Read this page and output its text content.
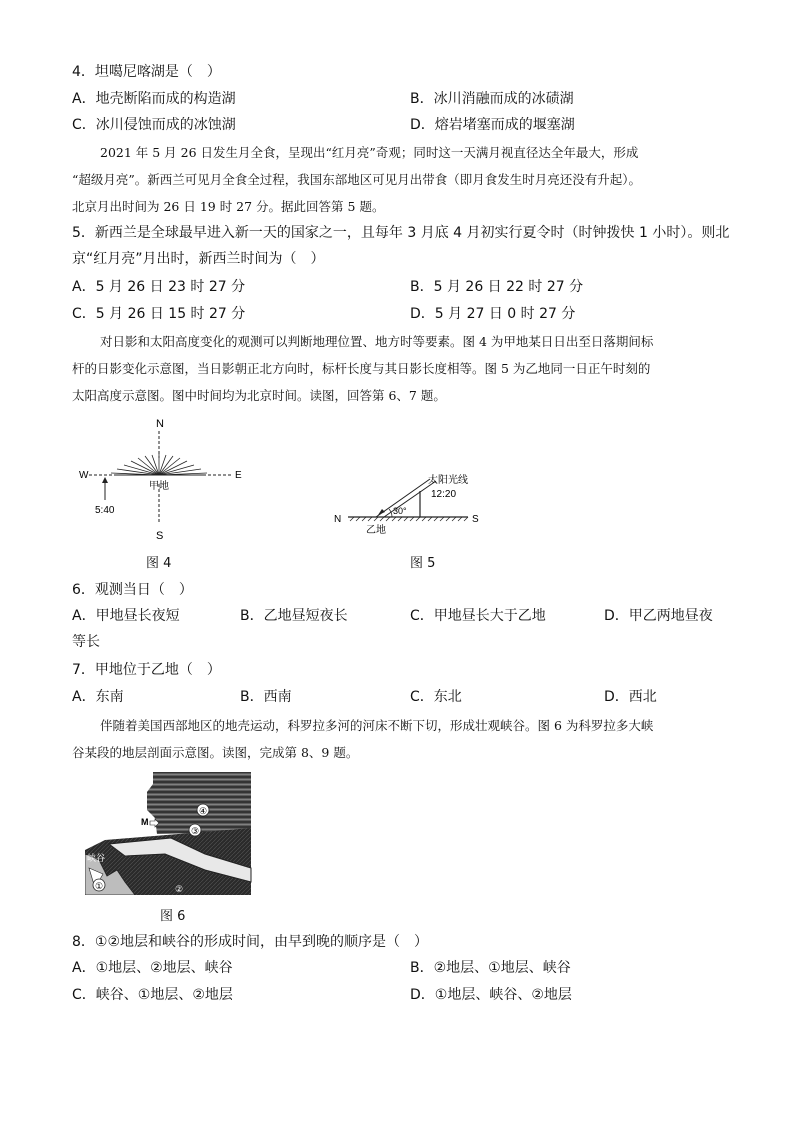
4．坦噶尼喀湖是（　）
A．地壳断陷而成的构造湖	B．冰川消融而成的冰碛湖
C．冰川侵蚀而成的冰蚀湖	D．熔岩堵塞而成的堰塞湖
2021 年 5 月 26 日发生月全食，呈现出“红月亮”奇观；同时这一天满月视直径达全年最大，形成
“超级月亮”。新西兰可见月全食全过程，我国东部地区可见月出带食（即月食发生时月亮还没有升起）。
北京月出时间为 26 日 19 时 27 分。据此回答第 5 题。
5．新西兰是全球最早进入新一天的国家之一，且每年 3 月底 4 月初实行夏令时（时钟拨快 1 小时）。则北
京“红月亮”月出时，新西兰时间为（　）
A．5 月 26 日 23 时 27 分	B．5 月 26 日 22 时 27 分
C．5 月 26 日 15 时 27 分	D．5 月 27 日 0 时 27 分
对日影和太阳高度变化的观测可以判断地理位置、地方时等要素。图 4 为甲地某日日出至日落期间标
杆的日影变化示意图，当日影朝正北方向时，标杆长度与其日影长度相等。图 5 为乙地同一日正午时刻的
太阳高度示意图。图中时间均为北京时间。读图，回答第 6、7 题。
N
S
W	E
甲地
5:40
图 4
N	S
30°
太阳光线
12:20
乙地
图 5
6．观测当日（　）
A．甲地昼长夜短	B．乙地昼短夜长	C．甲地昼长大于乙地	D．甲乙两地昼夜
等长
7．甲地位于乙地（　）
A．东南	B．西南	C．东北	D．西北
伴随着美国西部地区的地壳运动，科罗拉多河的河床不断下切，形成壮观峡谷。图 6 为科罗拉多大峡
谷某段的地层剖面示意图。读图，完成第 8、9 题。
④
③
M
峡谷
①	②
图 6
8．①②地层和峡谷的形成时间，由早到晚的顺序是（　）
A．①地层、②地层、峡谷	B．②地层、①地层、峡谷
C．峡谷、①地层、②地层	D．①地层、峡谷、②地层
